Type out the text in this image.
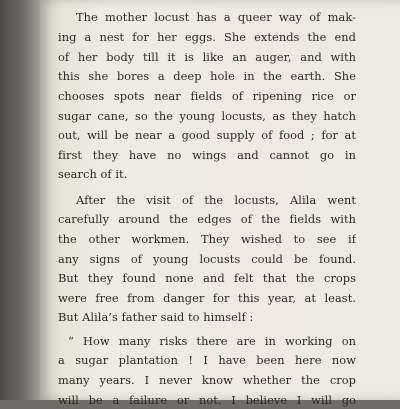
The mother locust has a queer way of mak-
ing a nest for her eggs. She extends the end
of her body till it is like an auger, and with
this she bores a deep hole in the earth. She
chooses spots near fields of ripening rice or
sugar cane, so the young locusts, as they hatch
out, will be near a good supply of food ; for at
first they have no wings and cannot go in
search of it.
After the visit of the locusts, Alila went
carefully around the edges of the fields with
the other workmen. They wished to see if
any signs of young locusts could be found.
But they found none and felt that the crops
were free from danger for this year, at least.
But Alila’s father said to himself :
“ How many risks there are in working on
a sugar plantation ! I have been here now
many years. I never know whether the crop
will be a failure or not. I believe I will go
